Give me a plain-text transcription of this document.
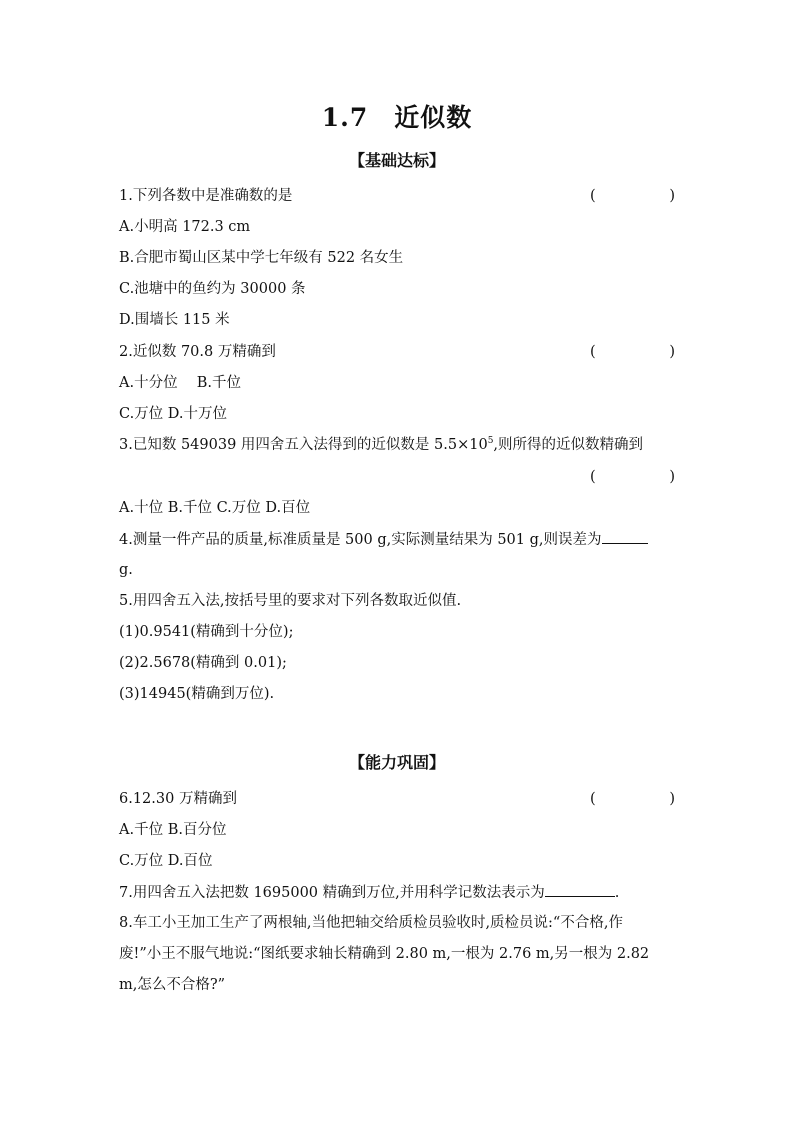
1.7　近似数
【基础达标】
1.下列各数中是准确数的是	(	)
A.小明高 172.3 cm
B.合肥市蜀山区某中学七年级有 522 名女生
C.池塘中的鱼约为 30000 条
D.围墙长 115 米
2.近似数 70.8 万精确到	(	)
A.十分位　 B.千位
C.万位 D.十万位
3.已知数 549039 用四舍五入法得到的近似数是 $5.5\times 10^5$,则所得的近似数精确到
(	)
A.十位 B.千位 C.万位 D.百位
4.测量一件产品的质量,标准质量是 500 g,实际测量结果为 501 g,则误差为
g.
5.用四舍五入法,按括号里的要求对下列各数取近似值.
(1)0.9541(精确到十分位);
(2)2.5678(精确到 0.01);
(3)14945(精确到万位).
【能力巩固】
6.12.30 万精确到	(	)
A.千位 B.百分位
C.万位 D.百位
7.用四舍五入法把数 1695000 精确到万位,并用科学记数法表示为	.
8.车工小王加工生产了两根轴,当他把轴交给质检员验收时,质检员说:“不合格,作
废!”小王不服气地说:“图纸要求轴长精确到 2.80 m,一根为 2.76 m,另一根为 2.82
m,怎么不合格?”
